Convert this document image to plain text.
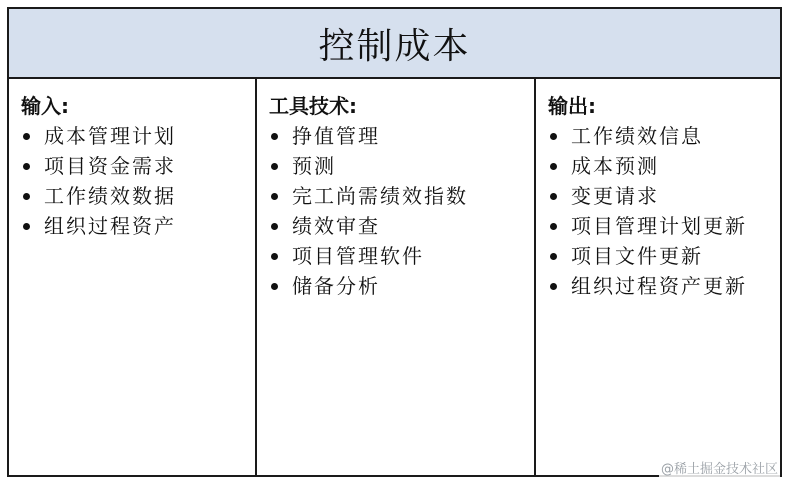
控制成本
输入:
成本管理计划
项目资金需求
工作绩效数据
组织过程资产
工具技术:
挣值管理
预测
完工尚需绩效指数
绩效审查
项目管理软件
储备分析
输出:
工作绩效信息
成本预测
变更请求
项目管理计划更新
项目文件更新
组织过程资产更新
@稀土掘金技术社区
